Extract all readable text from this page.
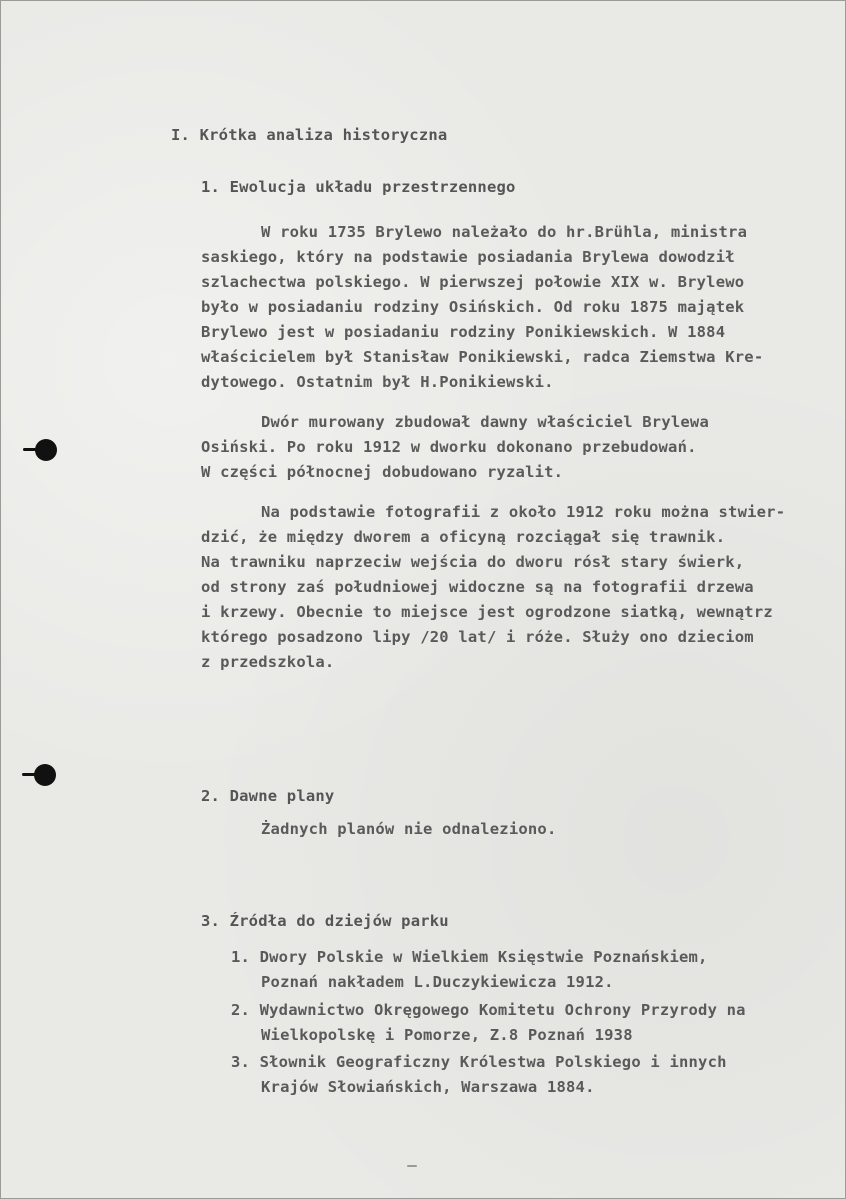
I. Krótka analiza historyczna
1. Ewolucja układu przestrzennego
W roku 1735 Brylewo należało do hr.Brühla, ministra
saskiego, który na podstawie posiadania Brylewa dowodził
szlachectwa polskiego. W pierwszej połowie XIX w. Brylewo
było w posiadaniu rodziny Osińskich. Od roku 1875 majątek
Brylewo jest w posiadaniu rodziny Ponikiewskich. W 1884
właścicielem był Stanisław Ponikiewski, radca Ziemstwa Kre-
dytowego. Ostatnim był H.Ponikiewski.
Dwór murowany zbudował dawny właściciel Brylewa
Osiński. Po roku 1912 w dworku dokonano przebudowań.
W części północnej dobudowano ryzalit.
Na podstawie fotografii z około 1912 roku można stwier-
dzić, że między dworem a oficyną rozciągał się trawnik.
Na trawniku naprzeciw wejścia do dworu rósł stary świerk,
od strony zaś południowej widoczne są na fotografii drzewa
i krzewy. Obecnie to miejsce jest ogrodzone siatką, wewnątrz
którego posadzono lipy /20 lat/ i róże. Służy ono dzieciom
z przedszkola.
2. Dawne plany
Żadnych planów nie odnaleziono.
3. Źródła do dziejów parku
1. Dwory Polskie w Wielkiem Księstwie Poznańskiem,
Poznań nakładem L.Duczykiewicza 1912.
2. Wydawnictwo Okręgowego Komitetu Ochrony Przyrody na
Wielkopolskę i Pomorze, Z.8 Poznań 1938
3. Słownik Geograficzny Królestwa Polskiego i innych
Krajów Słowiańskich, Warszawa 1884.
